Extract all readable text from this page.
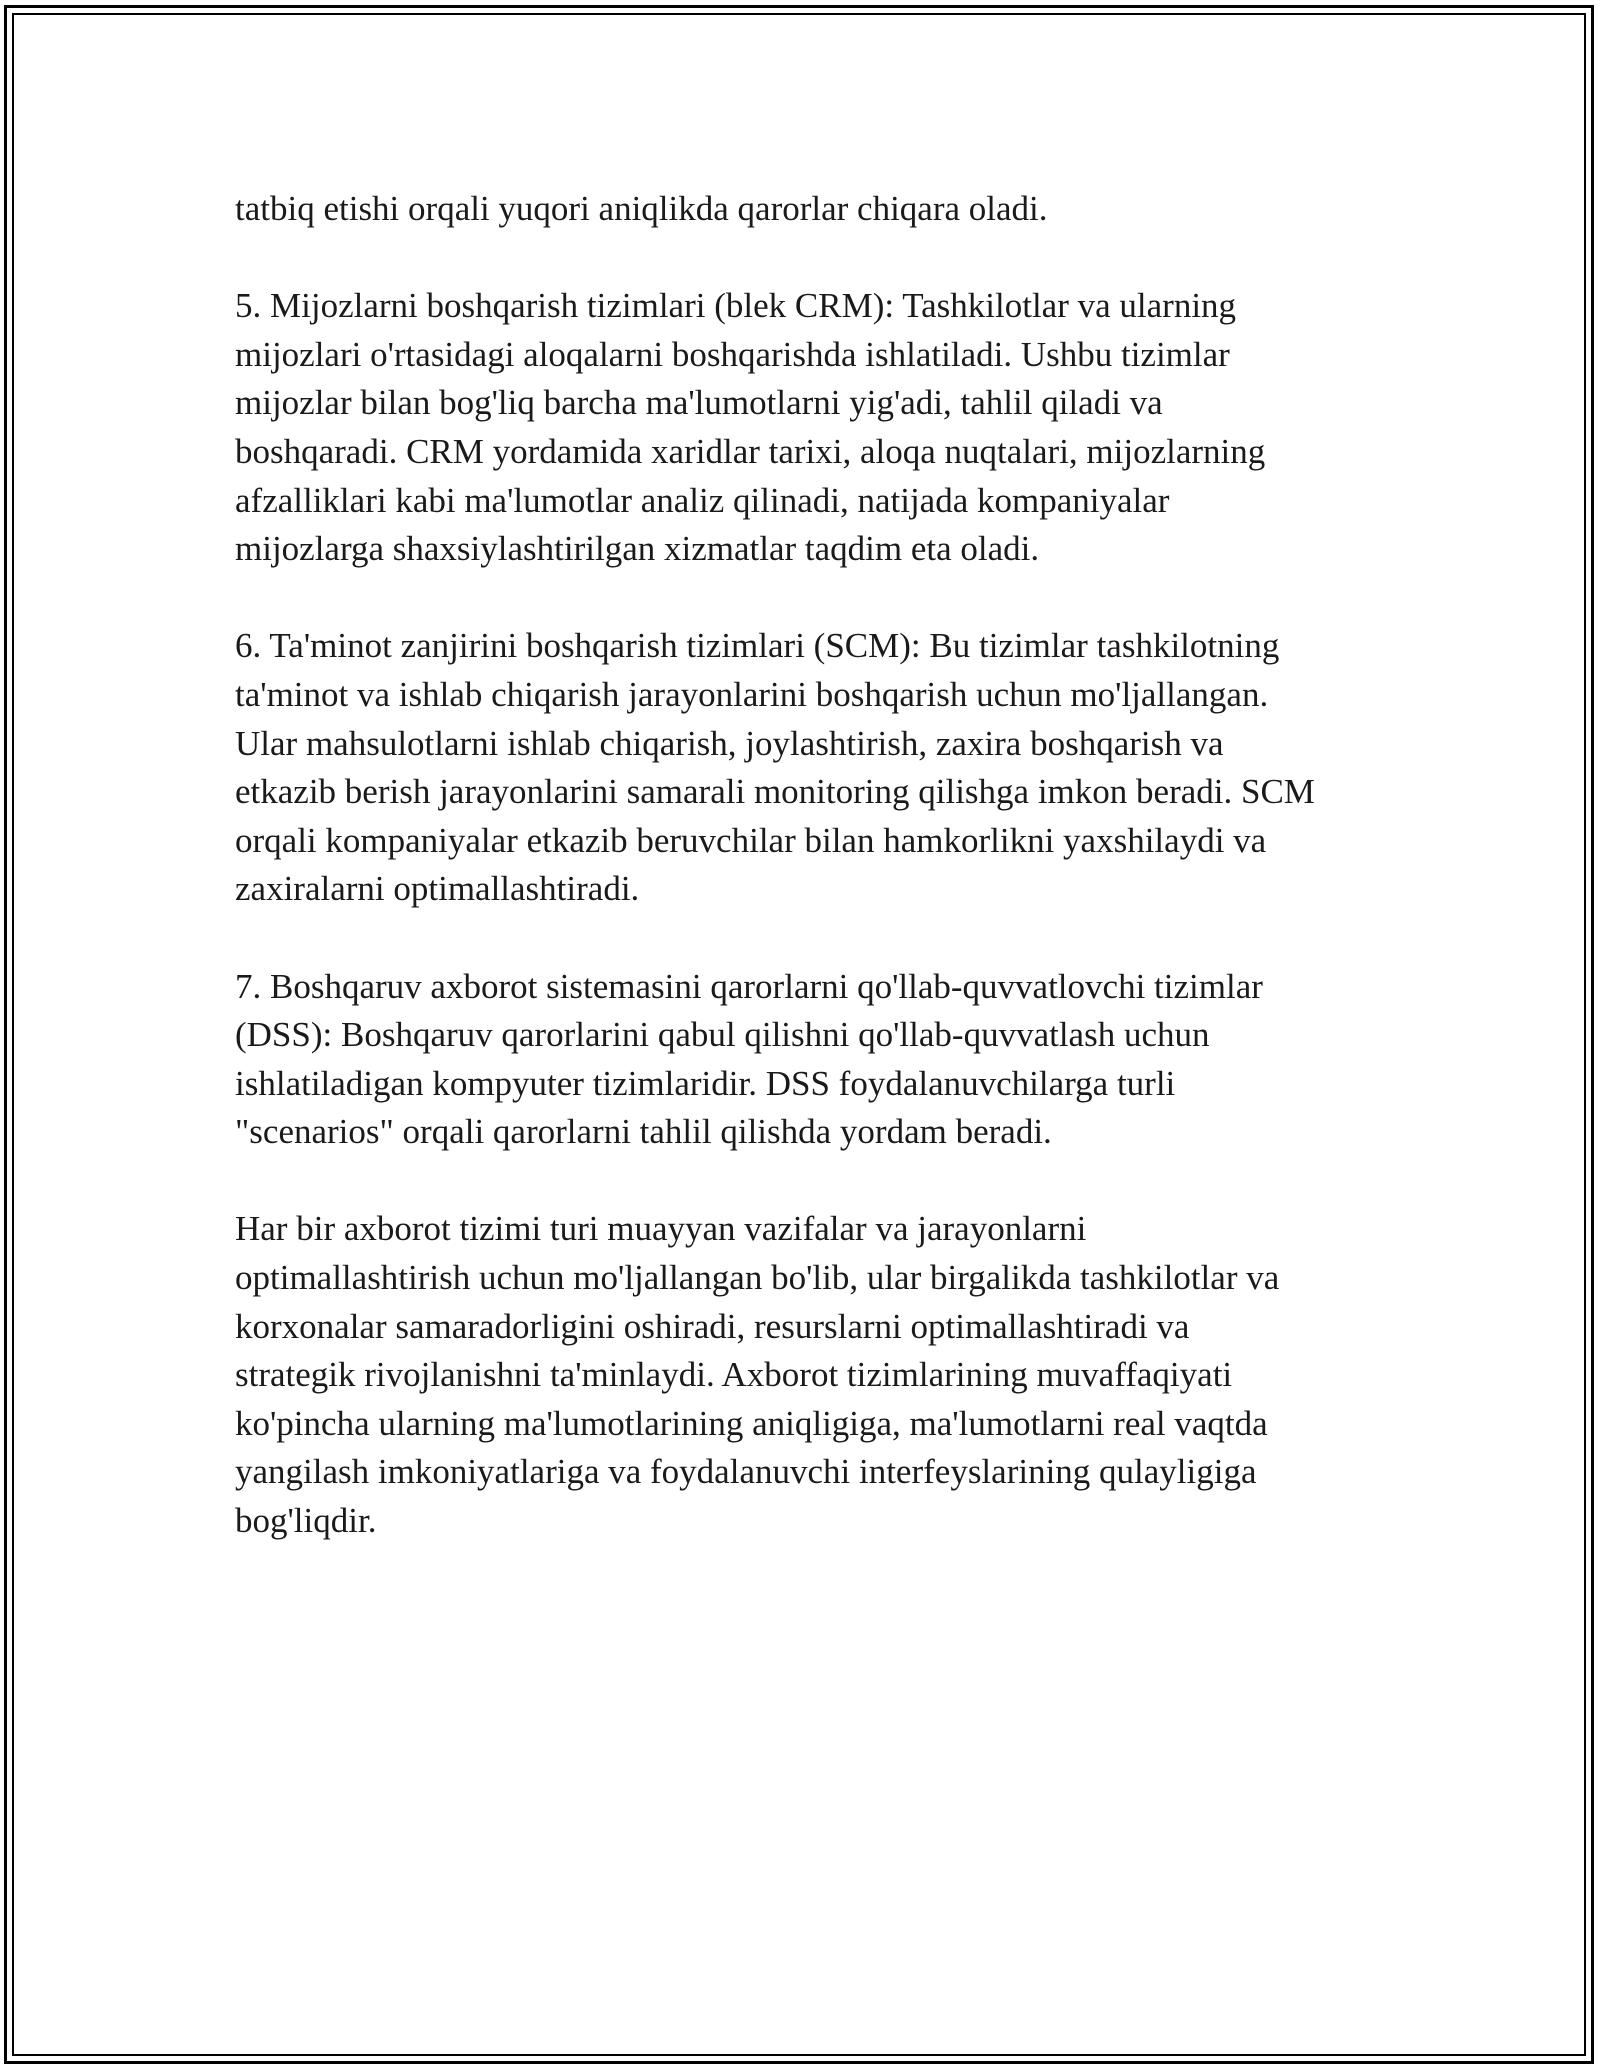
tatbiq etishi orqali yuqori aniqlikda qarorlar chiqara oladi.

5. Mijozlarni boshqarish tizimlari (blek CRM): Tashkilotlar va ularning
mijozlari o'rtasidagi aloqalarni boshqarishda ishlatiladi. Ushbu tizimlar
mijozlar bilan bog'liq barcha ma'lumotlarni yig'adi, tahlil qiladi va
boshqaradi. CRM yordamida xaridlar tarixi, aloqa nuqtalari, mijozlarning
afzalliklari kabi ma'lumotlar analiz qilinadi, natijada kompaniyalar
mijozlarga shaxsiylashtirilgan xizmatlar taqdim eta oladi.

6. Ta'minot zanjirini boshqarish tizimlari (SCM): Bu tizimlar tashkilotning
ta'minot va ishlab chiqarish jarayonlarini boshqarish uchun mo'ljallangan.
Ular mahsulotlarni ishlab chiqarish, joylashtirish, zaxira boshqarish va
etkazib berish jarayonlarini samarali monitoring qilishga imkon beradi. SCM
orqali kompaniyalar etkazib beruvchilar bilan hamkorlikni yaxshilaydi va
zaxiralarni optimallashtiradi.

7. Boshqaruv axborot sistemasini qarorlarni qo'llab-quvvatlovchi tizimlar
(DSS): Boshqaruv qarorlarini qabul qilishni qo'llab-quvvatlash uchun
ishlatiladigan kompyuter tizimlaridir. DSS foydalanuvchilarga turli
"scenarios" orqali qarorlarni tahlil qilishda yordam beradi.

Har bir axborot tizimi turi muayyan vazifalar va jarayonlarni
optimallashtirish uchun mo'ljallangan bo'lib, ular birgalikda tashkilotlar va
korxonalar samaradorligini oshiradi, resurslarni optimallashtiradi va
strategik rivojlanishni ta'minlaydi. Axborot tizimlarining muvaffaqiyati
ko'pincha ularning ma'lumotlarining aniqligiga, ma'lumotlarni real vaqtda
yangilash imkoniyatlariga va foydalanuvchi interfeyslarining qulayligiga
bog'liqdir.
